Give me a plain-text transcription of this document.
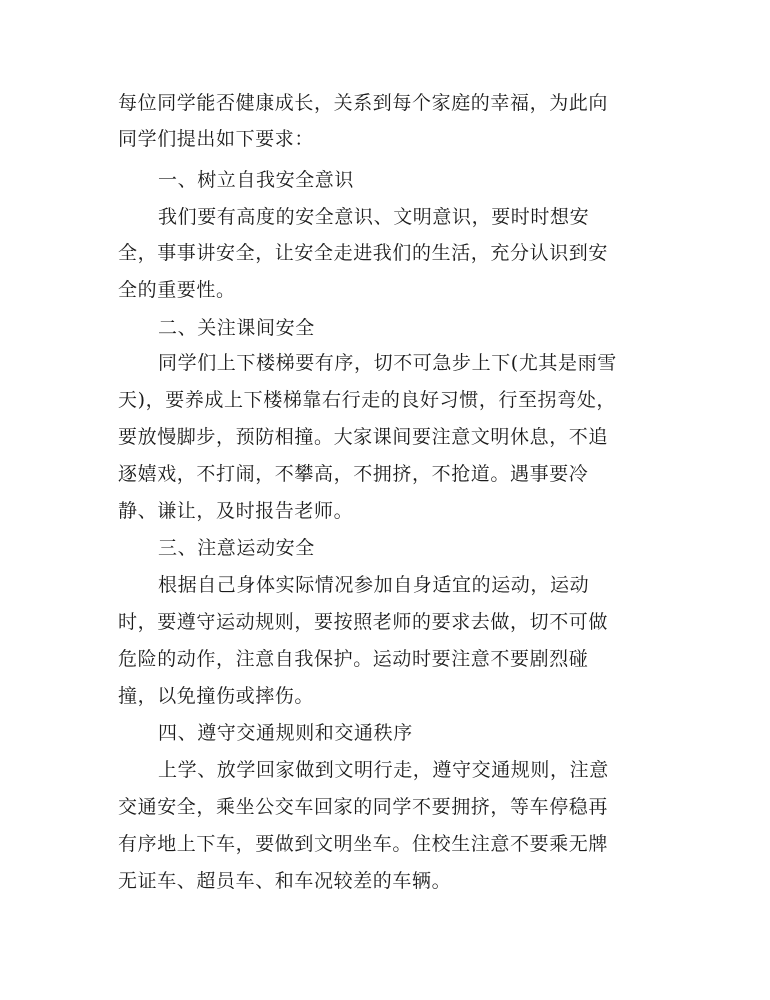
每位同学能否健康成长，关系到每个家庭的幸福，为此向
同学们提出如下要求：
一、树立自我安全意识
我们要有高度的安全意识、文明意识，要时时想安
全，事事讲安全，让安全走进我们的生活，充分认识到安
全的重要性。
二、关注课间安全
同学们上下楼梯要有序，切不可急步上下(尤其是雨雪
天)，要养成上下楼梯靠右行走的良好习惯，行至拐弯处，
要放慢脚步，预防相撞。大家课间要注意文明休息，不追
逐嬉戏，不打闹，不攀高，不拥挤，不抢道。遇事要冷
静、谦让，及时报告老师。
三、注意运动安全
根据自己身体实际情况参加自身适宜的运动，运动
时，要遵守运动规则，要按照老师的要求去做，切不可做
危险的动作，注意自我保护。运动时要注意不要剧烈碰
撞，以免撞伤或摔伤。
四、遵守交通规则和交通秩序
上学、放学回家做到文明行走，遵守交通规则，注意
交通安全，乘坐公交车回家的同学不要拥挤，等车停稳再
有序地上下车，要做到文明坐车。住校生注意不要乘无牌
无证车、超员车、和车况较差的车辆。
